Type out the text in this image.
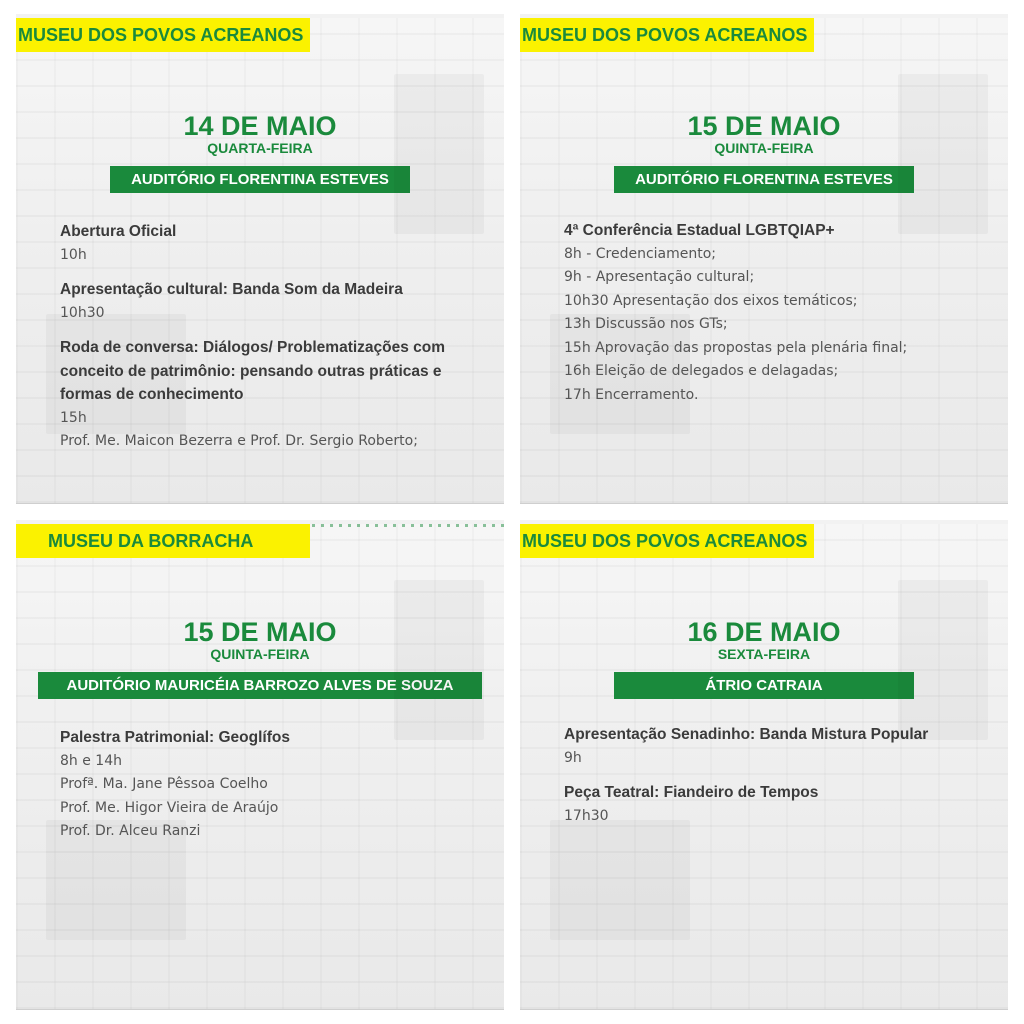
MUSEU DOS POVOS ACREANOS
14 DE MAIO
QUARTA-FEIRA
AUDITÓRIO FLORENTINA ESTEVES
Abertura Oficial
10h
Apresentação cultural: Banda Som da Madeira
10h30
Roda de conversa: Diálogos/ Problematizações com conceito de patrimônio: pensando outras práticas e formas de conhecimento
15h
Prof. Me. Maicon Bezerra e Prof. Dr. Sergio Roberto;
MUSEU DOS POVOS ACREANOS
15 DE MAIO
QUINTA-FEIRA
AUDITÓRIO FLORENTINA ESTEVES
4ª Conferência Estadual LGBTQIAP+
8h - Credenciamento;
9h - Apresentação cultural;
10h30 Apresentação dos eixos temáticos;
13h Discussão nos GTs;
15h Aprovação das propostas pela plenária final;
16h Eleição de delegados e delagadas;
17h Encerramento.
MUSEU DA BORRACHA
15 DE MAIO
QUINTA-FEIRA
AUDITÓRIO MAURICÉIA BARROZO ALVES DE SOUZA
Palestra Patrimonial: Geoglífos
8h e 14h
Profª. Ma. Jane Pêssoa Coelho
Prof. Me. Higor Vieira de Araújo
Prof. Dr. Alceu Ranzi
MUSEU DOS POVOS ACREANOS
16 DE MAIO
SEXTA-FEIRA
ÁTRIO CATRAIA
Apresentação Senadinho: Banda Mistura Popular
9h
Peça Teatral: Fiandeiro de Tempos
17h30
